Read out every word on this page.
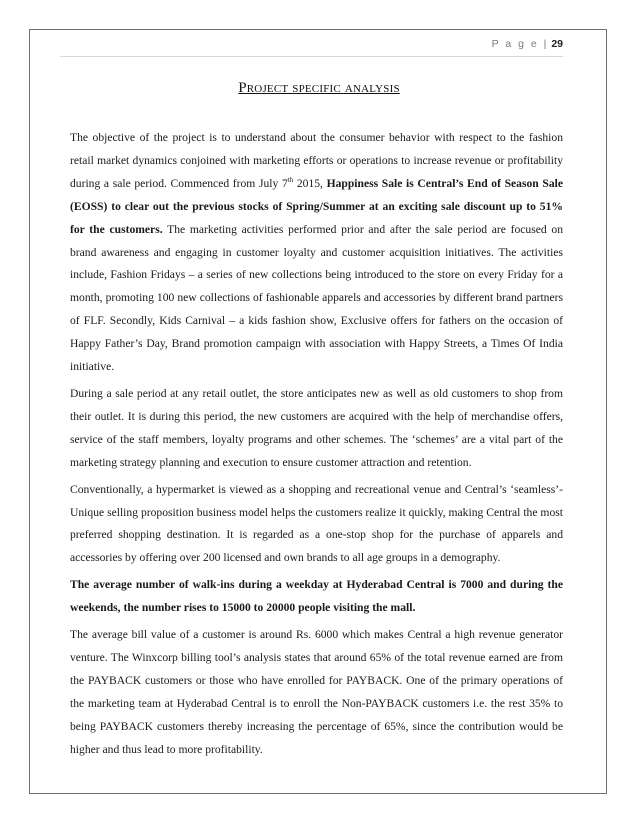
P a g e | 29
Project specific analysis

The objective of the project is to understand about the consumer behavior with respect to the fashion retail market dynamics conjoined with marketing efforts or operations to increase revenue or profitability during a sale period. Commenced from July 7th 2015, Happiness Sale is Central’s End of Season Sale (EOSS) to clear out the previous stocks of Spring/Summer at an exciting sale discount up to 51% for the customers. The marketing activities performed prior and after the sale period are focused on brand awareness and engaging in customer loyalty and customer acquisition initiatives. The activities include, Fashion Fridays – a series of new collections being introduced to the store on every Friday for a month, promoting 100 new collections of fashionable apparels and accessories by different brand partners of FLF. Secondly, Kids Carnival – a kids fashion show, Exclusive offers for fathers on the occasion of Happy Father’s Day, Brand promotion campaign with association with Happy Streets, a Times Of India initiative.

During a sale period at any retail outlet, the store anticipates new as well as old customers to shop from their outlet. It is during this period, the new customers are acquired with the help of merchandise offers, service of the staff members, loyalty programs and other schemes. The ‘schemes’ are a vital part of the marketing strategy planning and execution to ensure customer attraction and retention.

Conventionally, a hypermarket is viewed as a shopping and recreational venue and Central’s ‘seamless’-Unique selling proposition business model helps the customers realize it quickly, making Central the most preferred shopping destination. It is regarded as a one-stop shop for the purchase of apparels and accessories by offering over 200 licensed and own brands to all age groups in a demography.

The average number of walk-ins during a weekday at Hyderabad Central is 7000 and during the weekends, the number rises to 15000 to 20000 people visiting the mall.

The average bill value of a customer is around Rs. 6000 which makes Central a high revenue generator venture. The Winxcorp billing tool’s analysis states that around 65% of the total revenue earned are from the PAYBACK customers or those who have enrolled for PAYBACK. One of the primary operations of the marketing team at Hyderabad Central is to enroll the Non-PAYBACK customers i.e. the rest 35% to being PAYBACK customers thereby increasing the percentage of 65%, since the contribution would be higher and thus lead to more profitability.
